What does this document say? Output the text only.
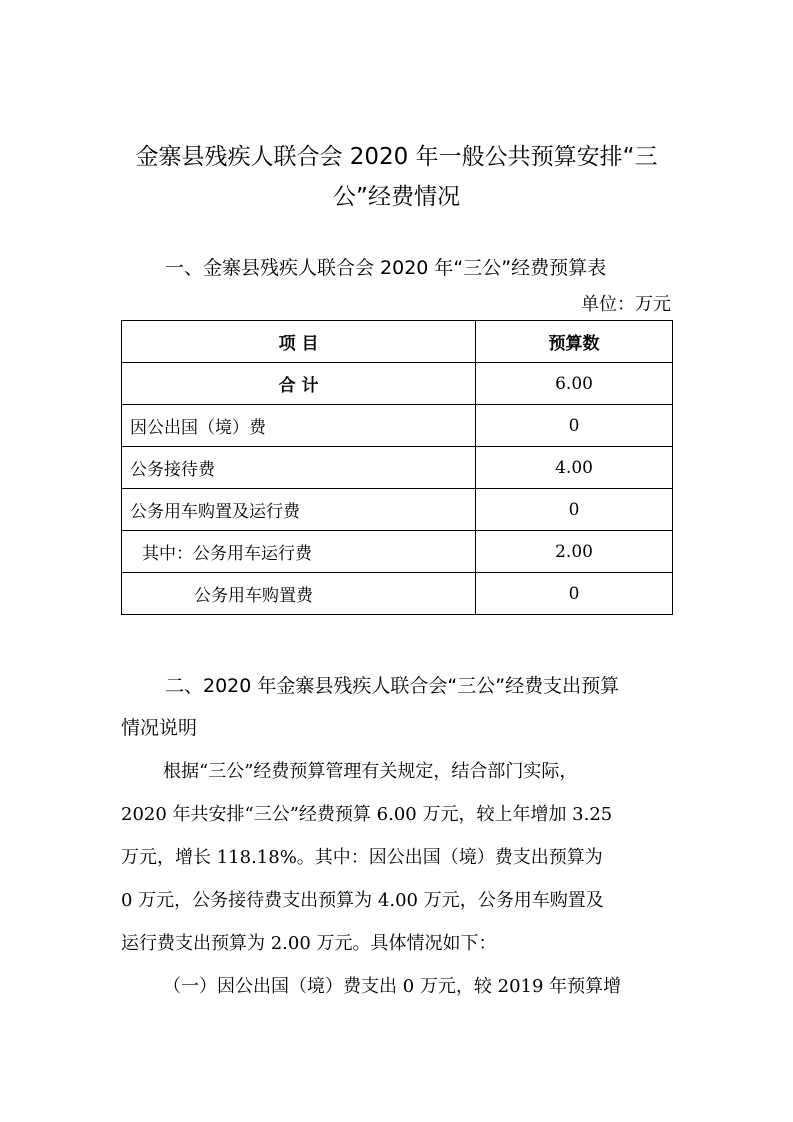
金寨县残疾人联合会 2020 年一般公共预算安排“三
公”经费情况
一、金寨县残疾人联合会 2020 年“三公”经费预算表
单位：万元
项 目	预算数
合 计	6.00
因公出国（境）费	0
公务接待费	4.00
公务用车购置及运行费	0
其中：公务用车运行费	2.00
公务用车购置费	0
二、2020 年金寨县残疾人联合会“三公”经费支出预算
情况说明
根据“三公”经费预算管理有关规定，结合部门实际，
2020 年共安排“三公”经费预算 6.00 万元，较上年增加 3.25
万元，增长 118.18%。其中：因公出国（境）费支出预算为
0 万元，公务接待费支出预算为 4.00 万元，公务用车购置及
运行费支出预算为 2.00 万元。具体情况如下：
（一）因公出国（境）费支出 0 万元，较 2019 年预算增
